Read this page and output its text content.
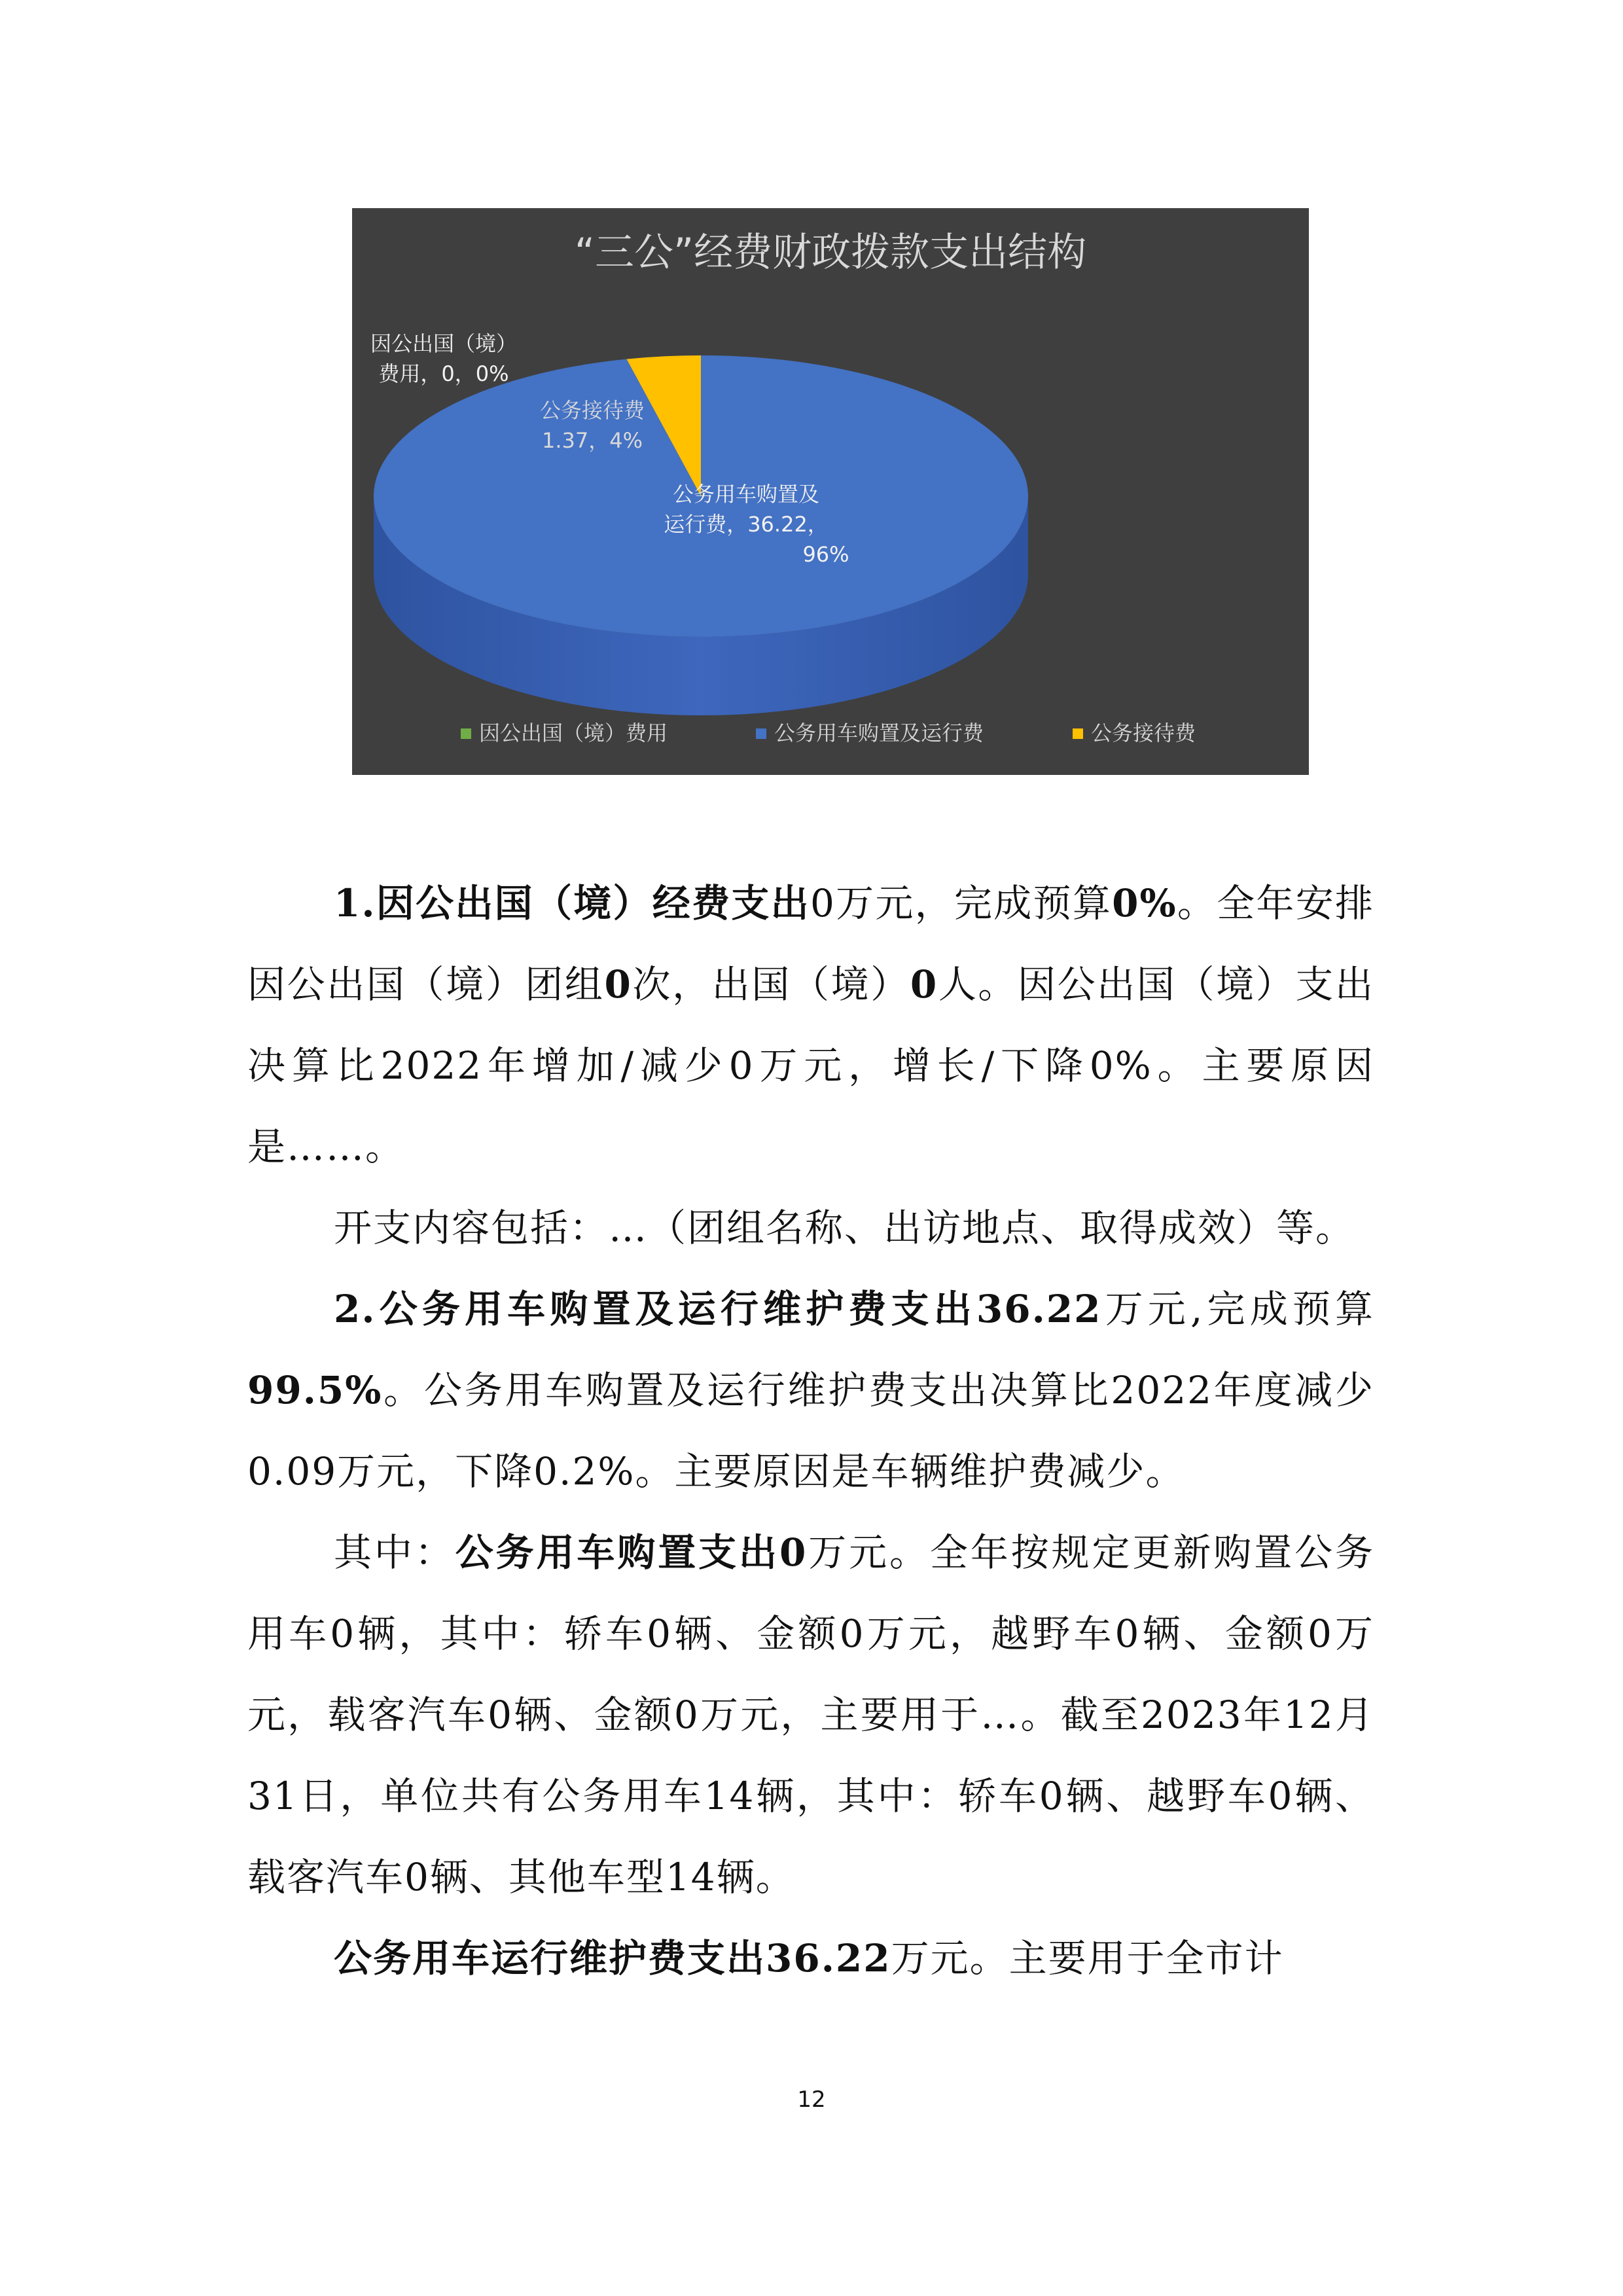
“三公”经费财政拨款支出结构
因公出国（境）
费用，0，0%
公务接待费
1.37，4%
公务用车购置及
运行费，36.22，
96%
因公出国（境）费用	公务用车购置及运行费	公务接待费

1.因公出国（境）经费支出0万元，完成预算0%。全年安排因公出国（境）团组0次，出国（境）0人。因公出国（境）支出决算比2022年增加/减少0万元，增长/下降0%。主要原因是……。

开支内容包括：…（团组名称、出访地点、取得成效）等。

2.公务用车购置及运行维护费支出36.22万元,完成预算99.5%。公务用车购置及运行维护费支出决算比2022年度减少0.09万元，下降0.2%。主要原因是车辆维护费减少。

其中：公务用车购置支出0万元。全年按规定更新购置公务用车0辆，其中：轿车0辆、金额0万元，越野车0辆、金额0万元，载客汽车0辆、金额0万元，主要用于…。截至2023年12月31日，单位共有公务用车14辆，其中：轿车0辆、越野车0辆、载客汽车0辆、其他车型14辆。

公务用车运行维护费支出36.22万元。主要用于全市计

12
